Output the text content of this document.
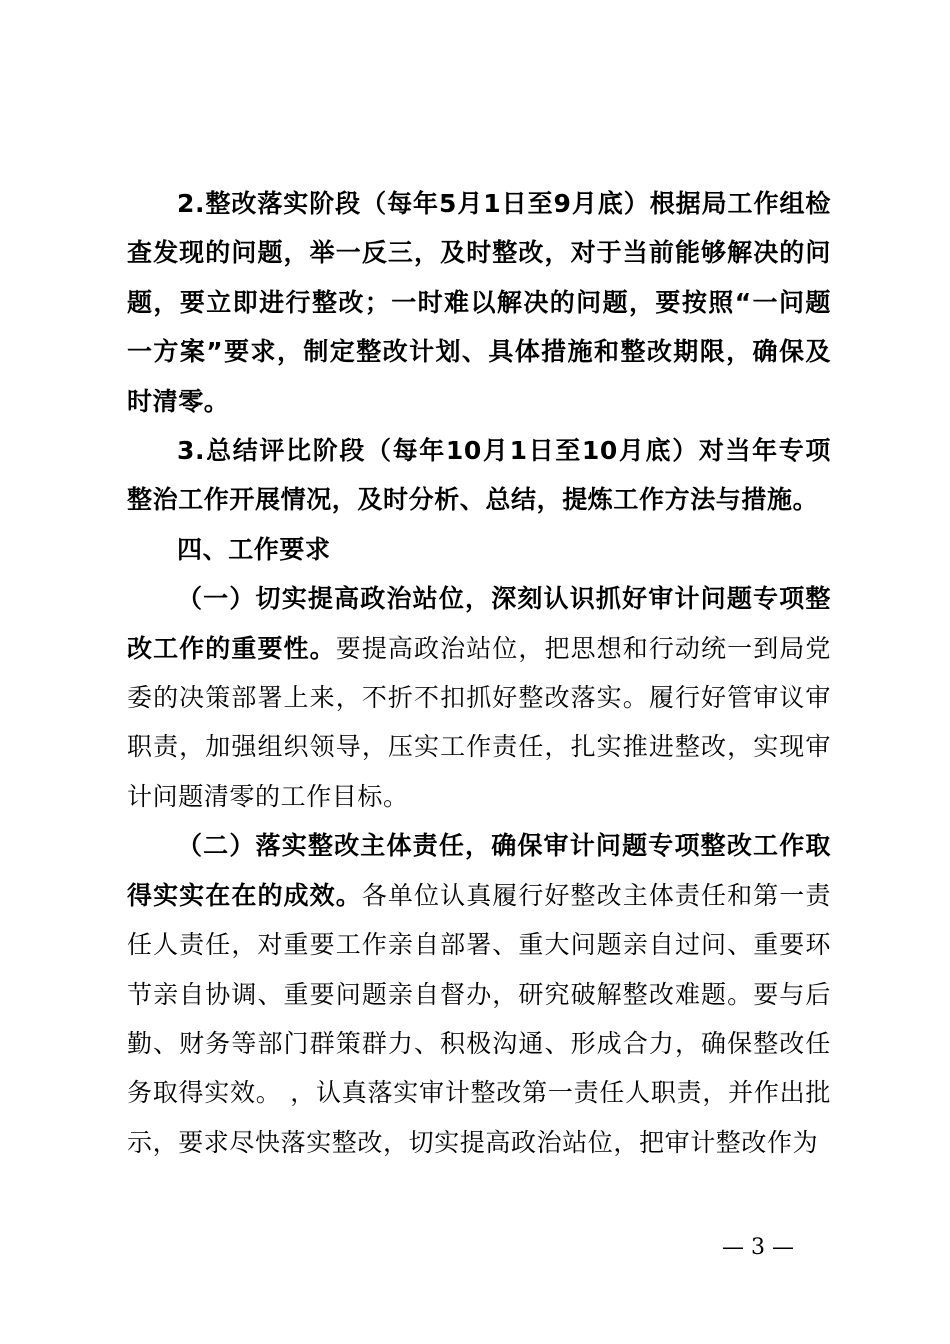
2.整改落实阶段（每年5月1日至9月底）根据局工作组检查发现的问题，举一反三，及时整改，对于当前能够解决的问题，要立即进行整改；一时难以解决的问题，要按照“一问题一方案”要求，制定整改计划、具体措施和整改期限，确保及时清零。

3.总结评比阶段（每年10月1日至10月底）对当年专项整治工作开展情况，及时分析、总结，提炼工作方法与措施。

四、工作要求

（一）切实提高政治站位，深刻认识抓好审计问题专项整改工作的重要性。要提高政治站位，把思想和行动统一到局党委的决策部署上来，不折不扣抓好整改落实。履行好管审议审职责，加强组织领导，压实工作责任，扎实推进整改，实现审计问题清零的工作目标。

（二）落实整改主体责任，确保审计问题专项整改工作取得实实在在的成效。各单位认真履行好整改主体责任和第一责任人责任，对重要工作亲自部署、重大问题亲自过问、重要环节亲自协调、重要问题亲自督办，研究破解整改难题。要与后勤、财务等部门群策群力、积极沟通、形成合力，确保整改任务取得实效。 ，认真落实审计整改第一责任人职责，并作出批示，要求尽快落实整改，切实提高政治站位，把审计整改作为

— 3 —
